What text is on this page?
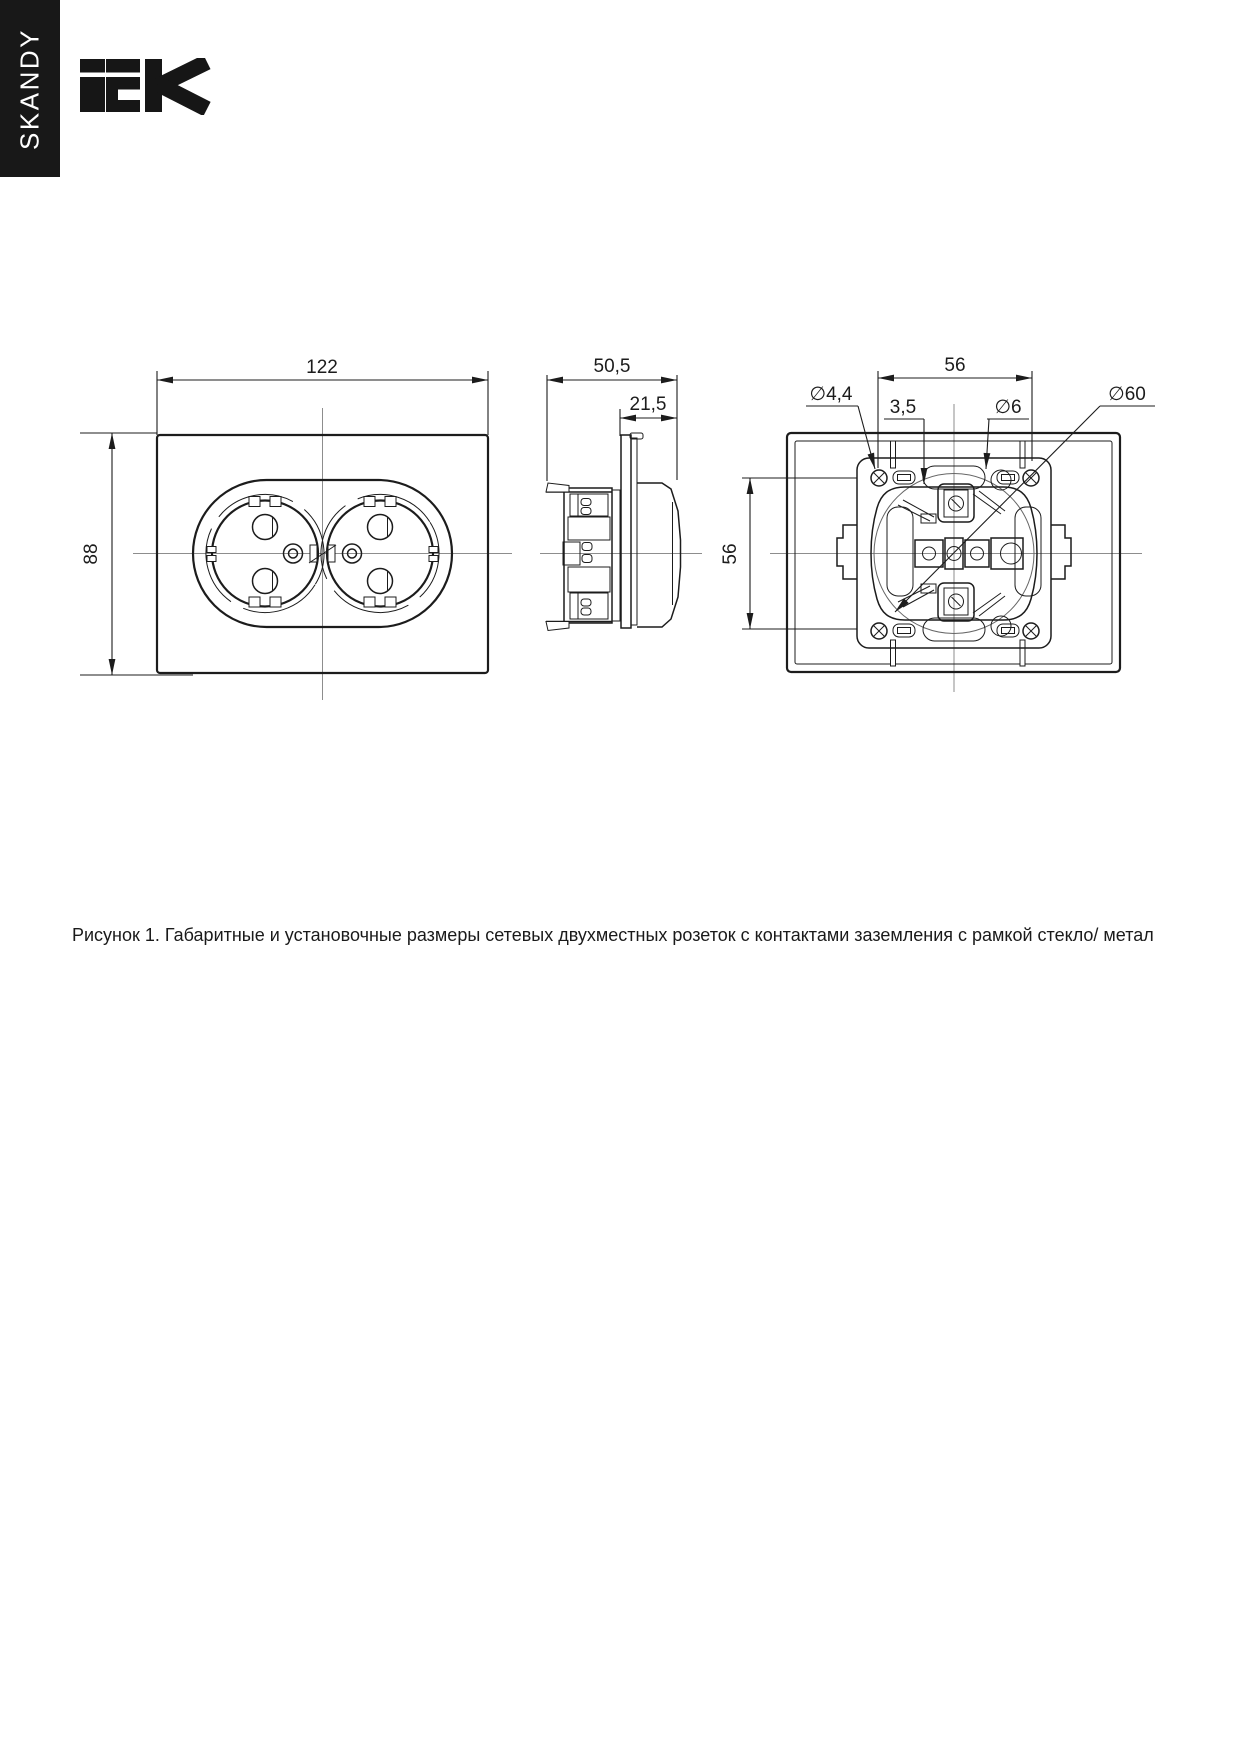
SKANDY
122
88
50,5
21,5
56
56
∅4,4
3,5	∅6
∅60
Рисунок 1. Габаритные и установочные размеры сетевых двухместных розеток с контактами заземления с рамкой стекло/ метал
